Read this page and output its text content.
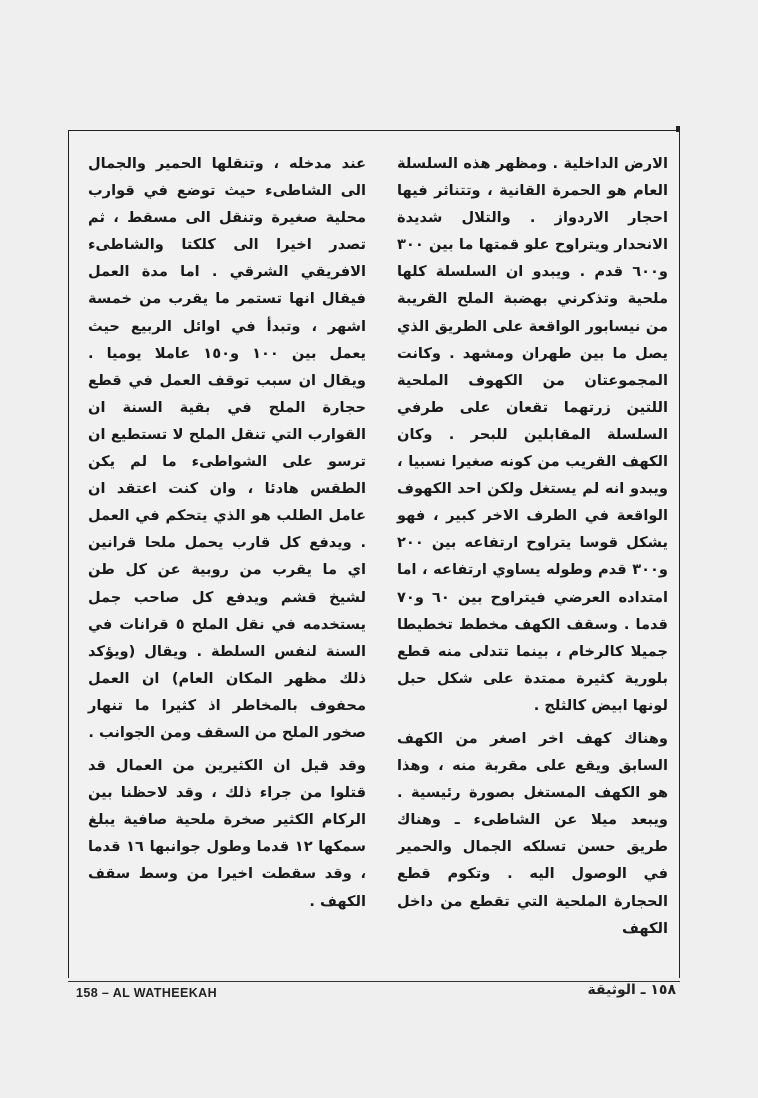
الارض الداخلية . ومظهر هذه السلسلة العام هو الحمرة القانية ، وتتناثر فيها احجار الاردواز . والتلال شديدة الانحدار ويتراوح علو قمتها ما بين ٣٠٠ و٦٠٠ قدم . ويبدو ان السلسلة كلها ملحية وتذكرني بهضبة الملح القريبة من نيسابور الواقعة على الطريق الذي يصل ما بين طهران ومشهد . وكانت المجموعتان من الكهوف الملحية اللتين زرتهما تقعان على طرفي السلسلة المقابلين للبحر . وكان الكهف القريب من كونه صغيرا نسبيا ، ويبدو انه لم يستغل ولكن احد الكهوف الواقعة في الطرف الاخر كبير ، فهو يشكل قوسا يتراوح ارتفاعه بين ٢٠٠ و٣٠٠ قدم وطوله يساوي ارتفاعه ، اما امتداده العرضي فيتراوح بين ٦٠ و٧٠ قدما . وسقف الكهف مخطط تخطيطا جميلا كالرخام ، بينما تتدلى منه قطع بلورية كثيرة ممتدة على شكل حبل لونها ابيض كالثلج .

وهناك كهف اخر اصغر من الكهف السابق ويقع على مقربة منه ، وهذا هو الكهف المستغل بصورة رئيسية . ويبعد ميلا عن الشاطىء ـ وهناك طريق حسن تسلكه الجمال والحمير في الوصول اليه . وتكوم قطع الحجارة الملحية التي تقطع من داخل الكهف

عند مدخله ، وتنقلها الحمير والجمال الى الشاطىء حيث توضع في قوارب محلية صغيرة وتنقل الى مسقط ، ثم تصدر اخيرا الى كلكتا والشاطىء الافريقي الشرقي . اما مدة العمل فيقال انها تستمر ما يقرب من خمسة اشهر ، وتبدأ في اوائل الربيع حيث يعمل بين ١٠٠ و١٥٠ عاملا يوميا . ويقال ان سبب توقف العمل في قطع حجارة الملح في بقية السنة ان القوارب التي تنقل الملح لا تستطيع ان ترسو على الشواطىء ما لم يكن الطقس هادئا ، وان كنت اعتقد ان عامل الطلب هو الذي يتحكم في العمل . ويدفع كل قارب يحمل ملحا قرانين اي ما يقرب من روبية عن كل طن لشيخ قشم ويدفع كل صاحب جمل يستخدمه في نقل الملح ٥ قرانات في السنة لنفس السلطة . ويقال (ويؤكد ذلك مظهر المكان العام) ان العمل محفوف بالمخاطر اذ كثيرا ما تنهار صخور الملح من السقف ومن الجوانب .

وقد قيل ان الكثيرين من العمال قد قتلوا من جراء ذلك ، وقد لاحظنا بين الركام الكثير صخرة ملحية صافية يبلغ سمكها ١٢ قدما وطول جوانبها ١٦ قدما ، وقد سقطت اخيرا من وسط سقف الكهف .

158 – AL WATHEEKAH	١٥٨ ـ الوثيقة
